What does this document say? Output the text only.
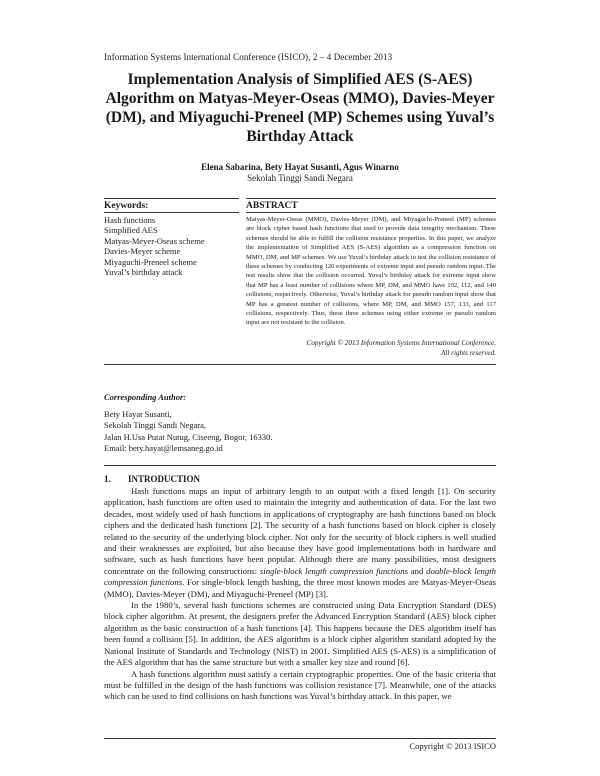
Information Systems International Conference (ISICO), 2 – 4 December 2013
Implementation Analysis of Simplified AES (S-AES) Algorithm on Matyas-Meyer-Oseas (MMO), Davies-Meyer (DM), and Miyaguchi-Preneel (MP) Schemes using Yuval’s Birthday Attack
Elena Sabarina, Bety Hayat Susanti, Agus Winarno
Sekolah Tinggi Sandi Negara
Keywords:	ABSTRACT
Hash functions
Simplified AES
Matyas-Meyer-Oseas scheme
Davies-Meyer scheme
Miyaguchi-Preneel scheme
Yuval’s birthday attack
Matyas-Meyer-Oseas (MMO), Davies-Meyer (DM), and Miyaguchi-Preneel (MP) schemes are block cipher based hash functions that used to provide data integrity mechanism. These schemes should be able to fulfill the collision resistance properties. In this paper, we analyze the implementation of Simplified AES (S-AES) algorithm as a compression function on MMO, DM, and MP schemes. We use Yuval’s birthday attack to test the collision resistance of these schemes by conducting 120 experiments of extreme input and pseudo random input. The test results show that the collision occurred. Yuval’s birthday attack for extreme input show that MP has a least number of collisions where MP, DM, and MMO have 102, 112, and 140 collisions, respectively. Otherwise, Yuval’s birthday attack for pseudo random input show that MP has a greatest number of collisions, where MP, DM, and MMO 157, 133, and 117 collisions, respectively. Thus, these three schemes using either extreme or pseudo random input are not resistant to the collision.
Copyright © 2013 Information Systems International Conference.
All rights reserved.
Corresponding Author:
Bety Hayat Susanti,
Sekolah Tinggi Sandi Negara,
Jalan H.Usa Putat Nutug, Ciseeng, Bogor, 16330.
Email: bety.hayat@lemsaneg.go.id
1. INTRODUCTION

Hash functions maps an input of arbitrary length to an output with a fixed length [1]. On security application, hash functions are often used to maintain the integrity and authentication of data. For the last two decades, most widely used of hash functions in applications of cryptography are hash functions based on block ciphers and the dedicated hash functions [2]. The security of a hash functions based on block cipher is closely related to the security of the underlying block cipher. Not only for the security of block ciphers is well studied and their weaknesses are exploited, but also because they have good implementations both in hardware and software, such as hash functions have been popular. Although there are many possibilities, most designers concentrate on the following constructions: single-block length compression functions and double-block length compression functions. For single-block length hashing, the three most known modes are Matyas-Meyer-Oseas (MMO), Davies-Meyer (DM), and Miyaguchi-Preneel (MP) [3].

In the 1980’s, several hash functions schemes are constructed using Data Encryption Standard (DES) block cipher algorithm. At present, the designers prefer the Advanced Encryption Standard (AES) block cipher algorithm as the basic construction of a hash functions [4]. This happens because the DES algorithm itself has been found a collision [5]. In addition, the AES algorithm is a block cipher algorithm standard adopted by the National Institute of Standards and Technology (NIST) in 2001. Simplified AES (S-AES) is a simplification of the AES algorithm that has the same structure but with a smaller key size and round [6].

A hash functions algorithm must satisfy a certain cryptographic properties. One of the basic criteria that must be fulfilled in the design of the hash functions was collision resistance [7]. Meanwhile, one of the attacks which can be used to find collisions on hash functions was Yuval’s birthday attack. In this paper, we

Copyright © 2013 ISICO
